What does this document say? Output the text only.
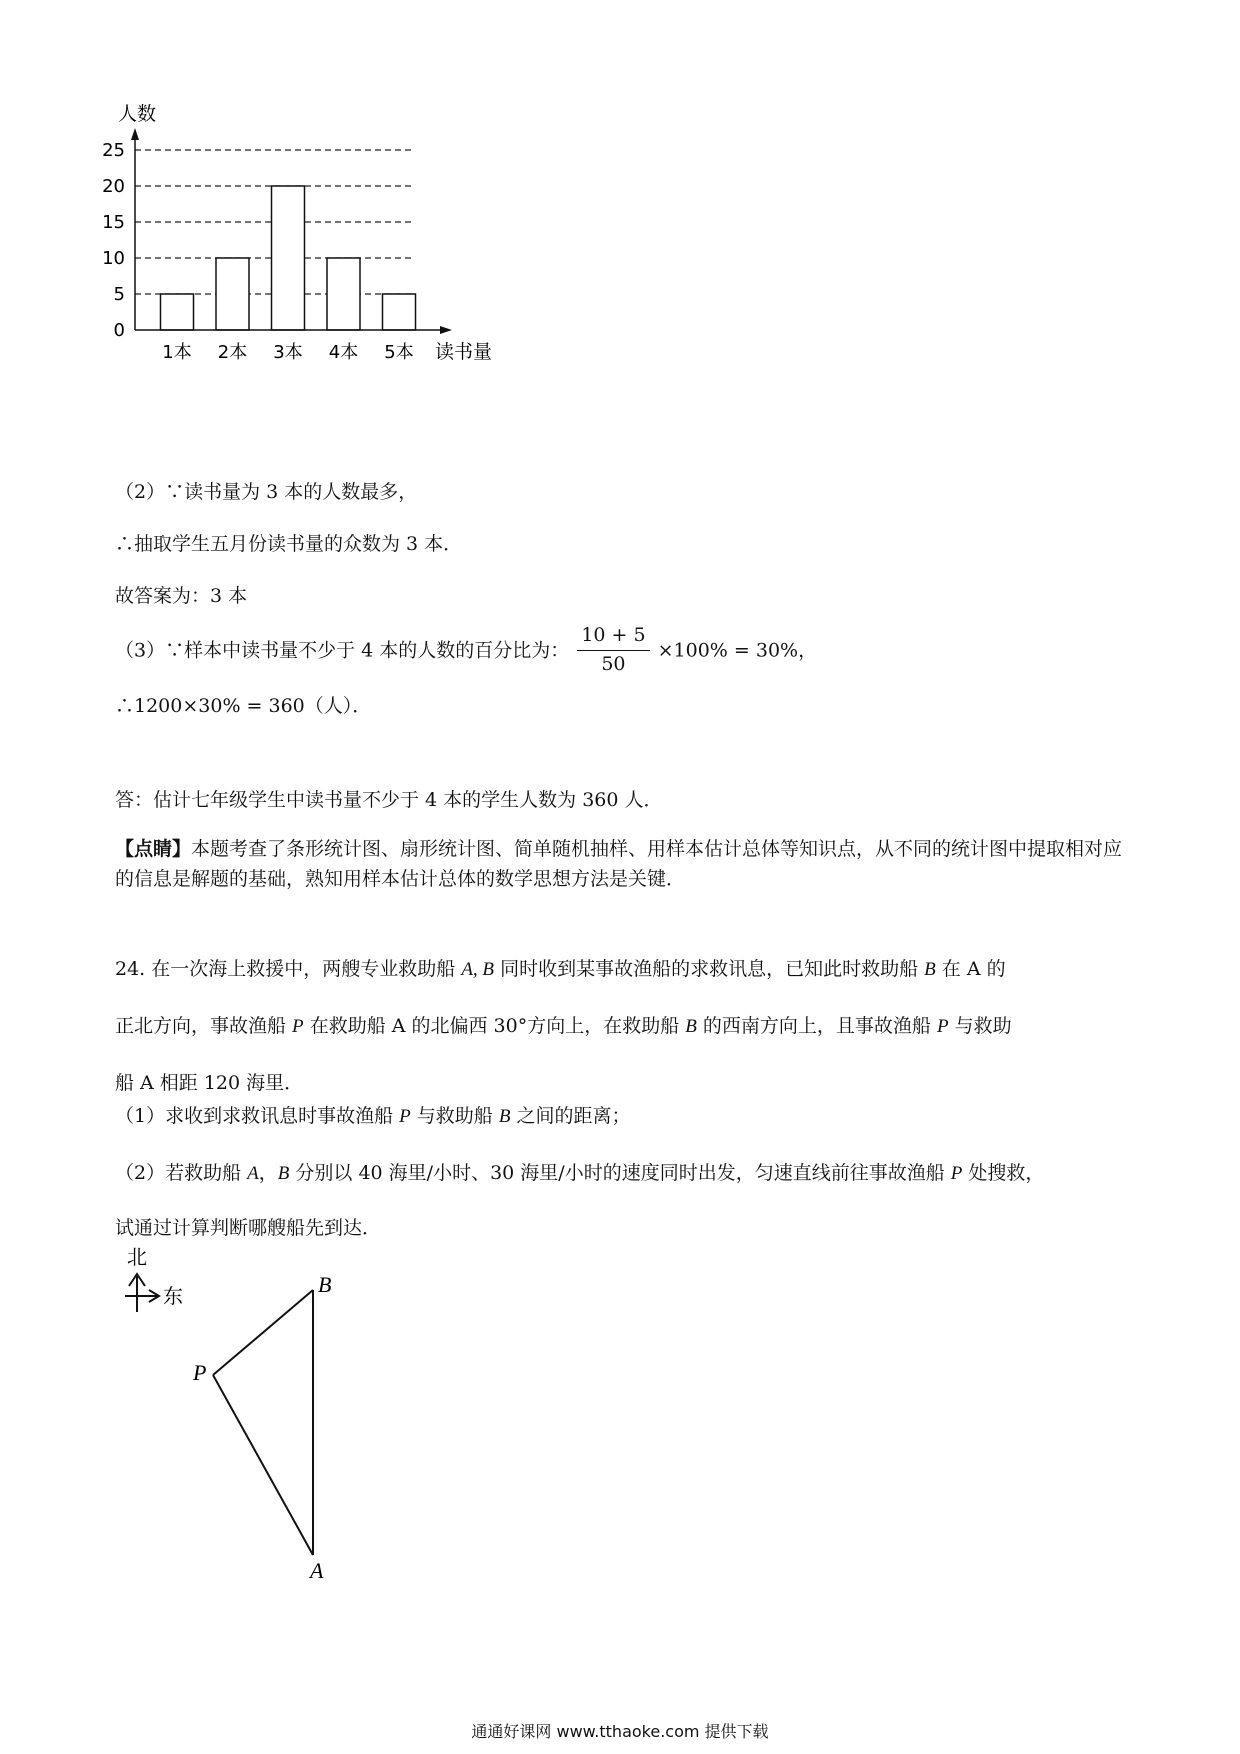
0
5
10
15
20
25
1本 2本 3本 4本 5本
人数
读书量
（2）∵读书量为 3 本的人数最多，
∴抽取学生五月份读书量的众数为 3 本．
故答案为：3 本
（3）∵样本中读书量不少于 4 本的人数的百分比为： $\frac{10 + 5}{50} \times 100\% = 30\%$，
∴1200×30% = 360（人）．
答：估计七年级学生中读书量不少于 4 本的学生人数为 360 人．
【点睛】本题考查了条形统计图、扇形统计图、简单随机抽样、用样本估计总体等知识点，从不同的统计图中提取相对应的信息是解题的基础，熟知用样本估计总体的数学思想方法是关键．
24. 在一次海上救援中，两艘专业救助船 A, B 同时收到某事故渔船的求救讯息，已知此时救助船 B 在 A 的
正北方向，事故渔船 P 在救助船 A 的北偏西 30°方向上，在救助船 B 的西南方向上，且事故渔船 P 与救助
船 A 相距 120 海里．
（1）求收到求救讯息时事故渔船 P 与救助船 B 之间的距离；
（2）若救助船 A，B 分别以 40 海里/小时、30 海里/小时的速度同时出发，匀速直线前往事故渔船 P 处搜救，
试通过计算判断哪艘船先到达．
北
东	B
P
A
通通好课网 www.tthaoke.com 提供下载
